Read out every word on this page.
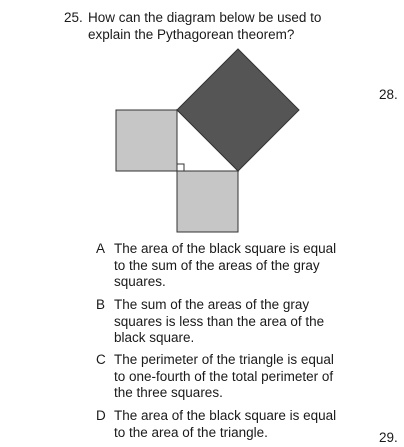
25. How can the diagram below be used to explain the Pythagorean theorem?
28.
A The area of the black square is equal to the sum of the areas of the gray squares.
B The sum of the areas of the gray squares is less than the area of the black square.
C The perimeter of the triangle is equal to one-fourth of the total perimeter of the three squares.
D The area of the black square is equal to the area of the triangle.	29.
